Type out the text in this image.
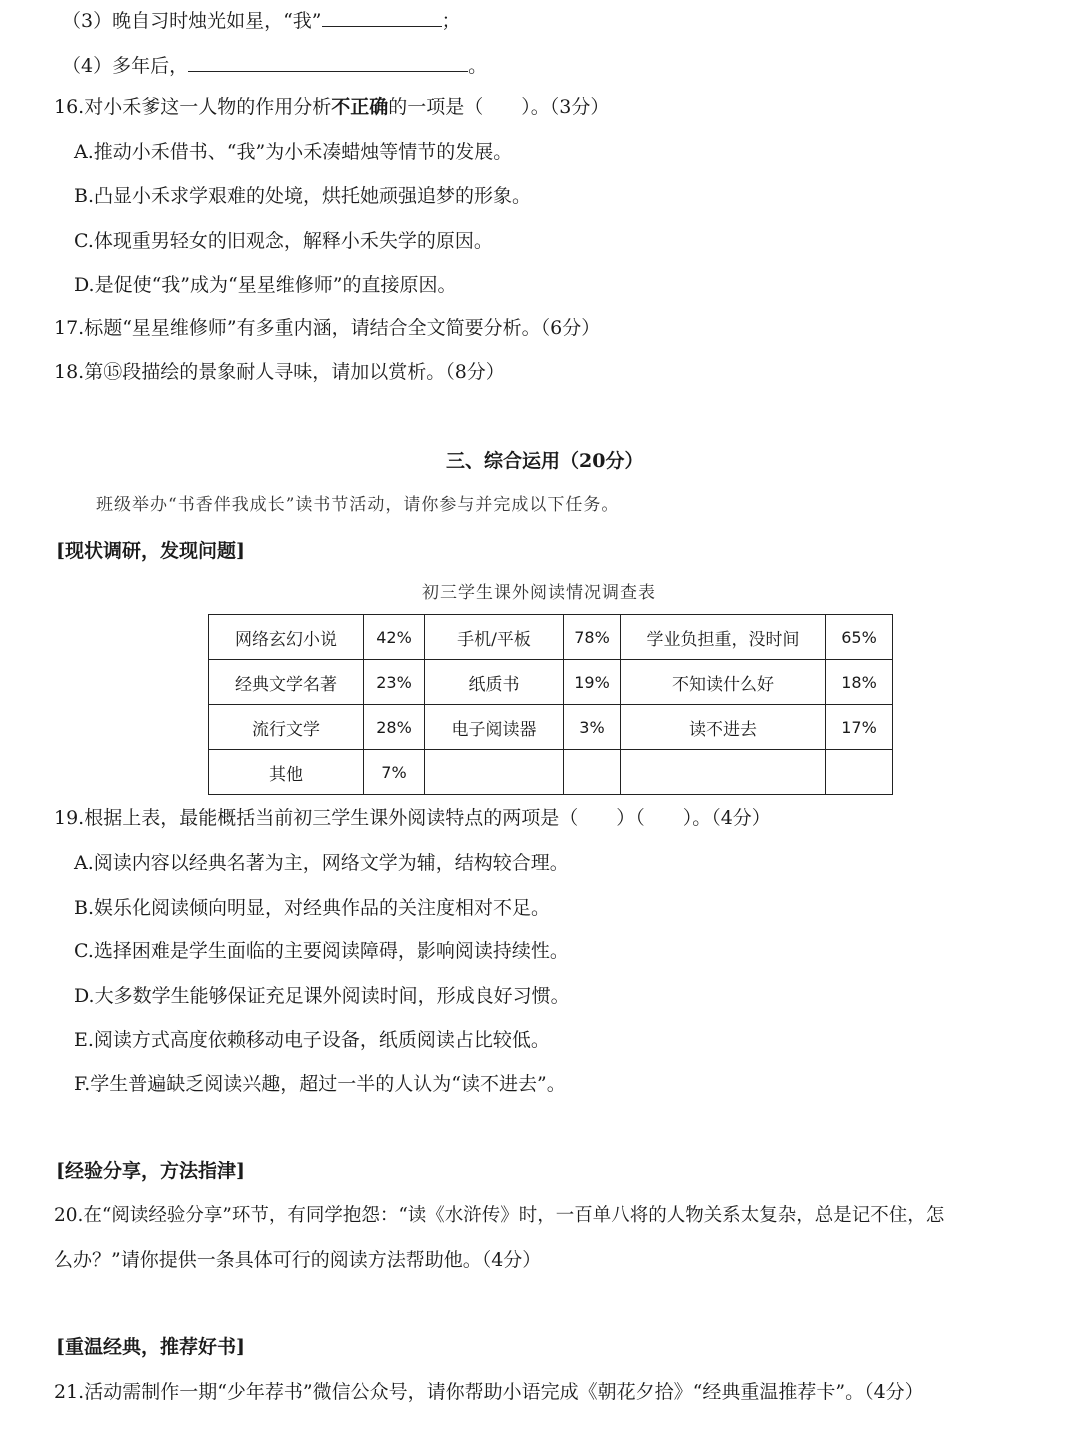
（3）晚自习时烛光如星，“我”	；
（4）多年后，	。
16.对小禾爹这一人物的作用分析不正确的一项是（　　）。（3分）
A.推动小禾借书、“我”为小禾凑蜡烛等情节的发展。
B.凸显小禾求学艰难的处境，烘托她顽强追梦的形象。
C.体现重男轻女的旧观念，解释小禾失学的原因。
D.是促使“我”成为“星星维修师”的直接原因。
17.标题“星星维修师”有多重内涵，请结合全文简要分析。（6分）
18.第⑮段描绘的景象耐人寻味，请加以赏析。（8分）
三、综合运用（20分）
班级举办“书香伴我成长”读书节活动，请你参与并完成以下任务。
[现状调研，发现问题]
初三学生课外阅读情况调查表
网络玄幻小说	42%	手机/平板	78%	学业负担重，没时间	65%
经典文学名著	23%	纸质书	19%	不知读什么好	18%
流行文学	28%	电子阅读器	3%	读不进去	17%
其他	7%				
19.根据上表，最能概括当前初三学生课外阅读特点的两项是（　　）（　　）。（4分）
A.阅读内容以经典名著为主，网络文学为辅，结构较合理。
B.娱乐化阅读倾向明显，对经典作品的关注度相对不足。
C.选择困难是学生面临的主要阅读障碍，影响阅读持续性。
D.大多数学生能够保证充足课外阅读时间，形成良好习惯。
E.阅读方式高度依赖移动电子设备，纸质阅读占比较低。
F.学生普遍缺乏阅读兴趣，超过一半的人认为“读不进去”。
[经验分享，方法指津]
20.在“阅读经验分享”环节，有同学抱怨：“读《水浒传》时，一百单八将的人物关系太复杂，总是记不住，怎
么办？”请你提供一条具体可行的阅读方法帮助他。（4分）
[重温经典，推荐好书]
21.活动需制作一期“少年荐书”微信公众号，请你帮助小语完成《朝花夕拾》“经典重温推荐卡”。（4分）
